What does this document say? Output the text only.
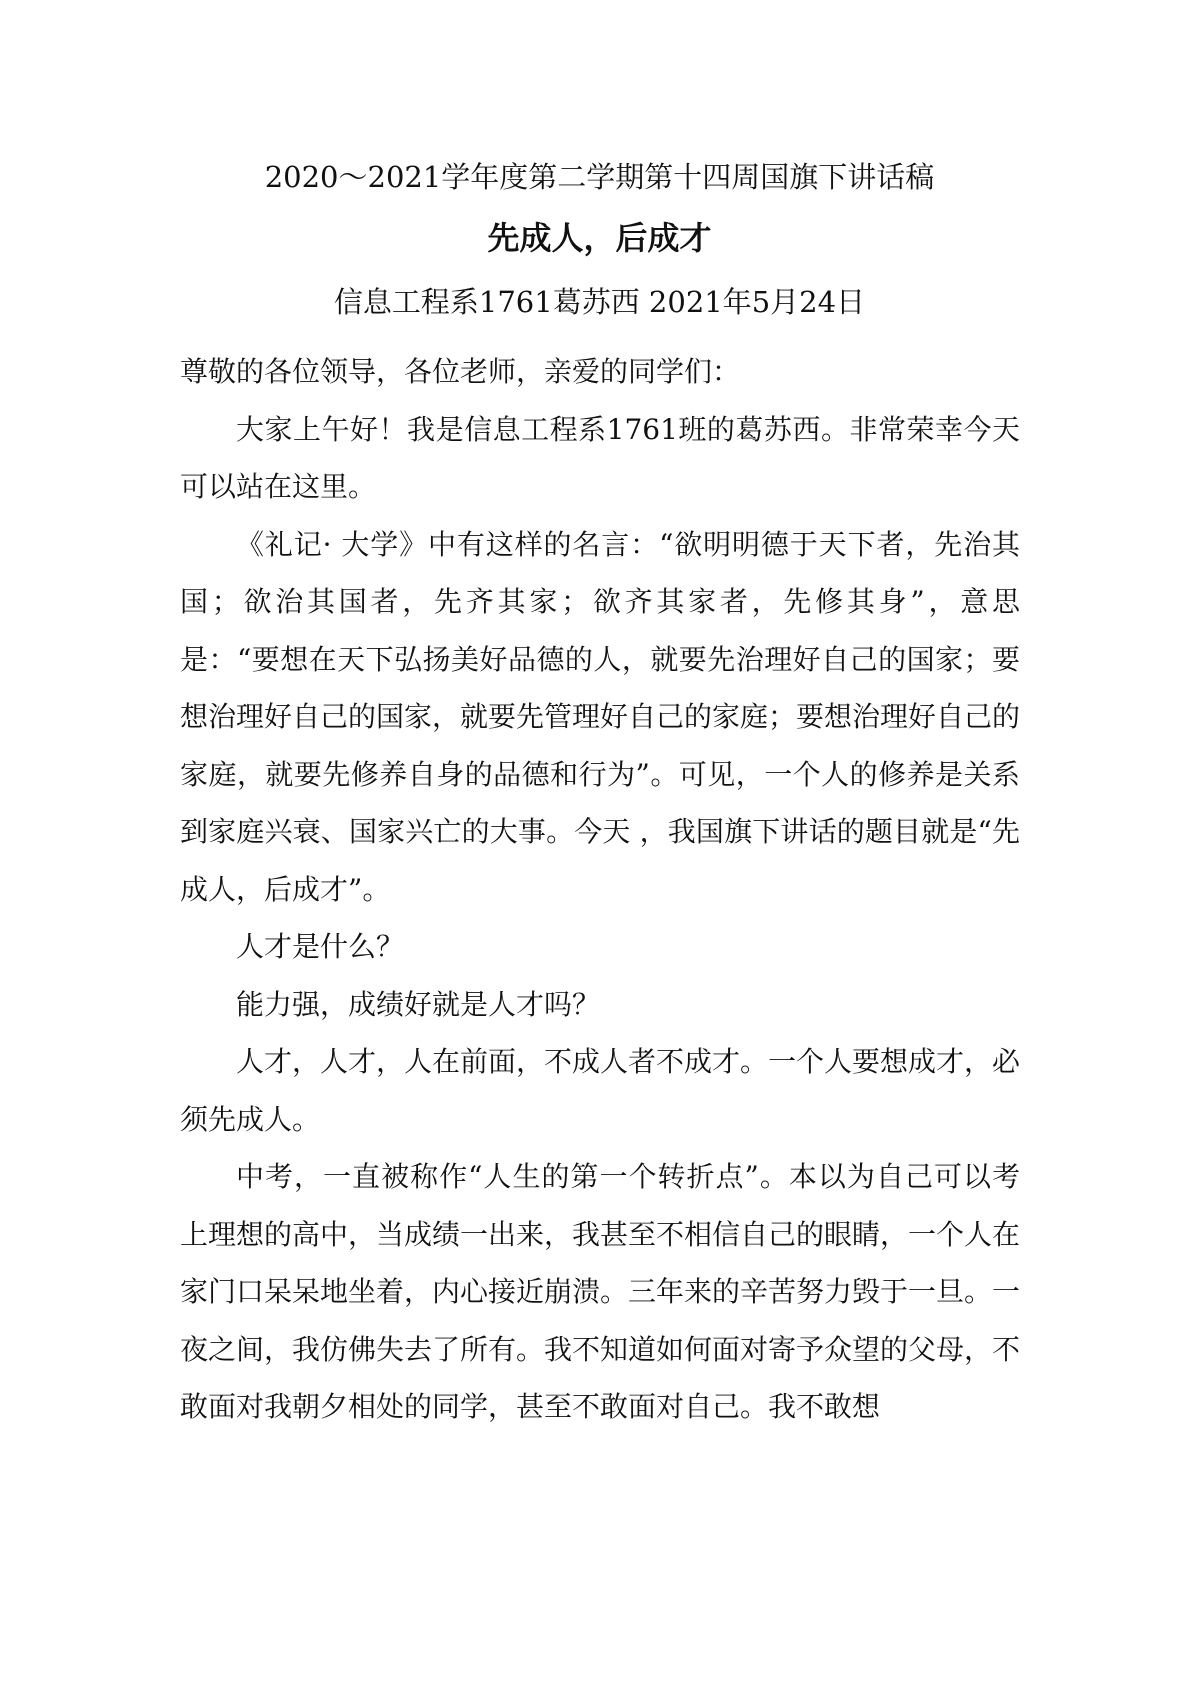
2020～2021学年度第二学期第十四周国旗下讲话稿
先成人，后成才
信息工程系1761葛苏西 2021年5月24日

尊敬的各位领导，各位老师，亲爱的同学们：

大家上午好！我是信息工程系1761班的葛苏西。非常荣幸今天可以站在这里。

《礼记· 大学》中有这样的名言：“欲明明德于天下者，先治其国；欲治其国者，先齐其家；欲齐其家者，先修其身”，意思是：“要想在天下弘扬美好品德的人，就要先治理好自己的国家；要想治理好自己的国家，就要先管理好自己的家庭；要想治理好自己的家庭，就要先修养自身的品德和行为”。可见，一个人的修养是关系到家庭兴衰、国家兴亡的大事。今天 ，我国旗下讲话的题目就是“先成人，后成才”。

人才是什么？

能力强，成绩好就是人才吗？

人才，人才，人在前面，不成人者不成才。一个人要想成才，必须先成人。

中考，一直被称作“人生的第一个转折点”。本以为自己可以考上理想的高中，当成绩一出来，我甚至不相信自己的眼睛，一个人在家门口呆呆地坐着，内心接近崩溃。三年来的辛苦努力毁于一旦。一夜之间，我仿佛失去了所有。我不知道如何面对寄予众望的父母，不敢面对我朝夕相处的同学，甚至不敢面对自己。我不敢想
